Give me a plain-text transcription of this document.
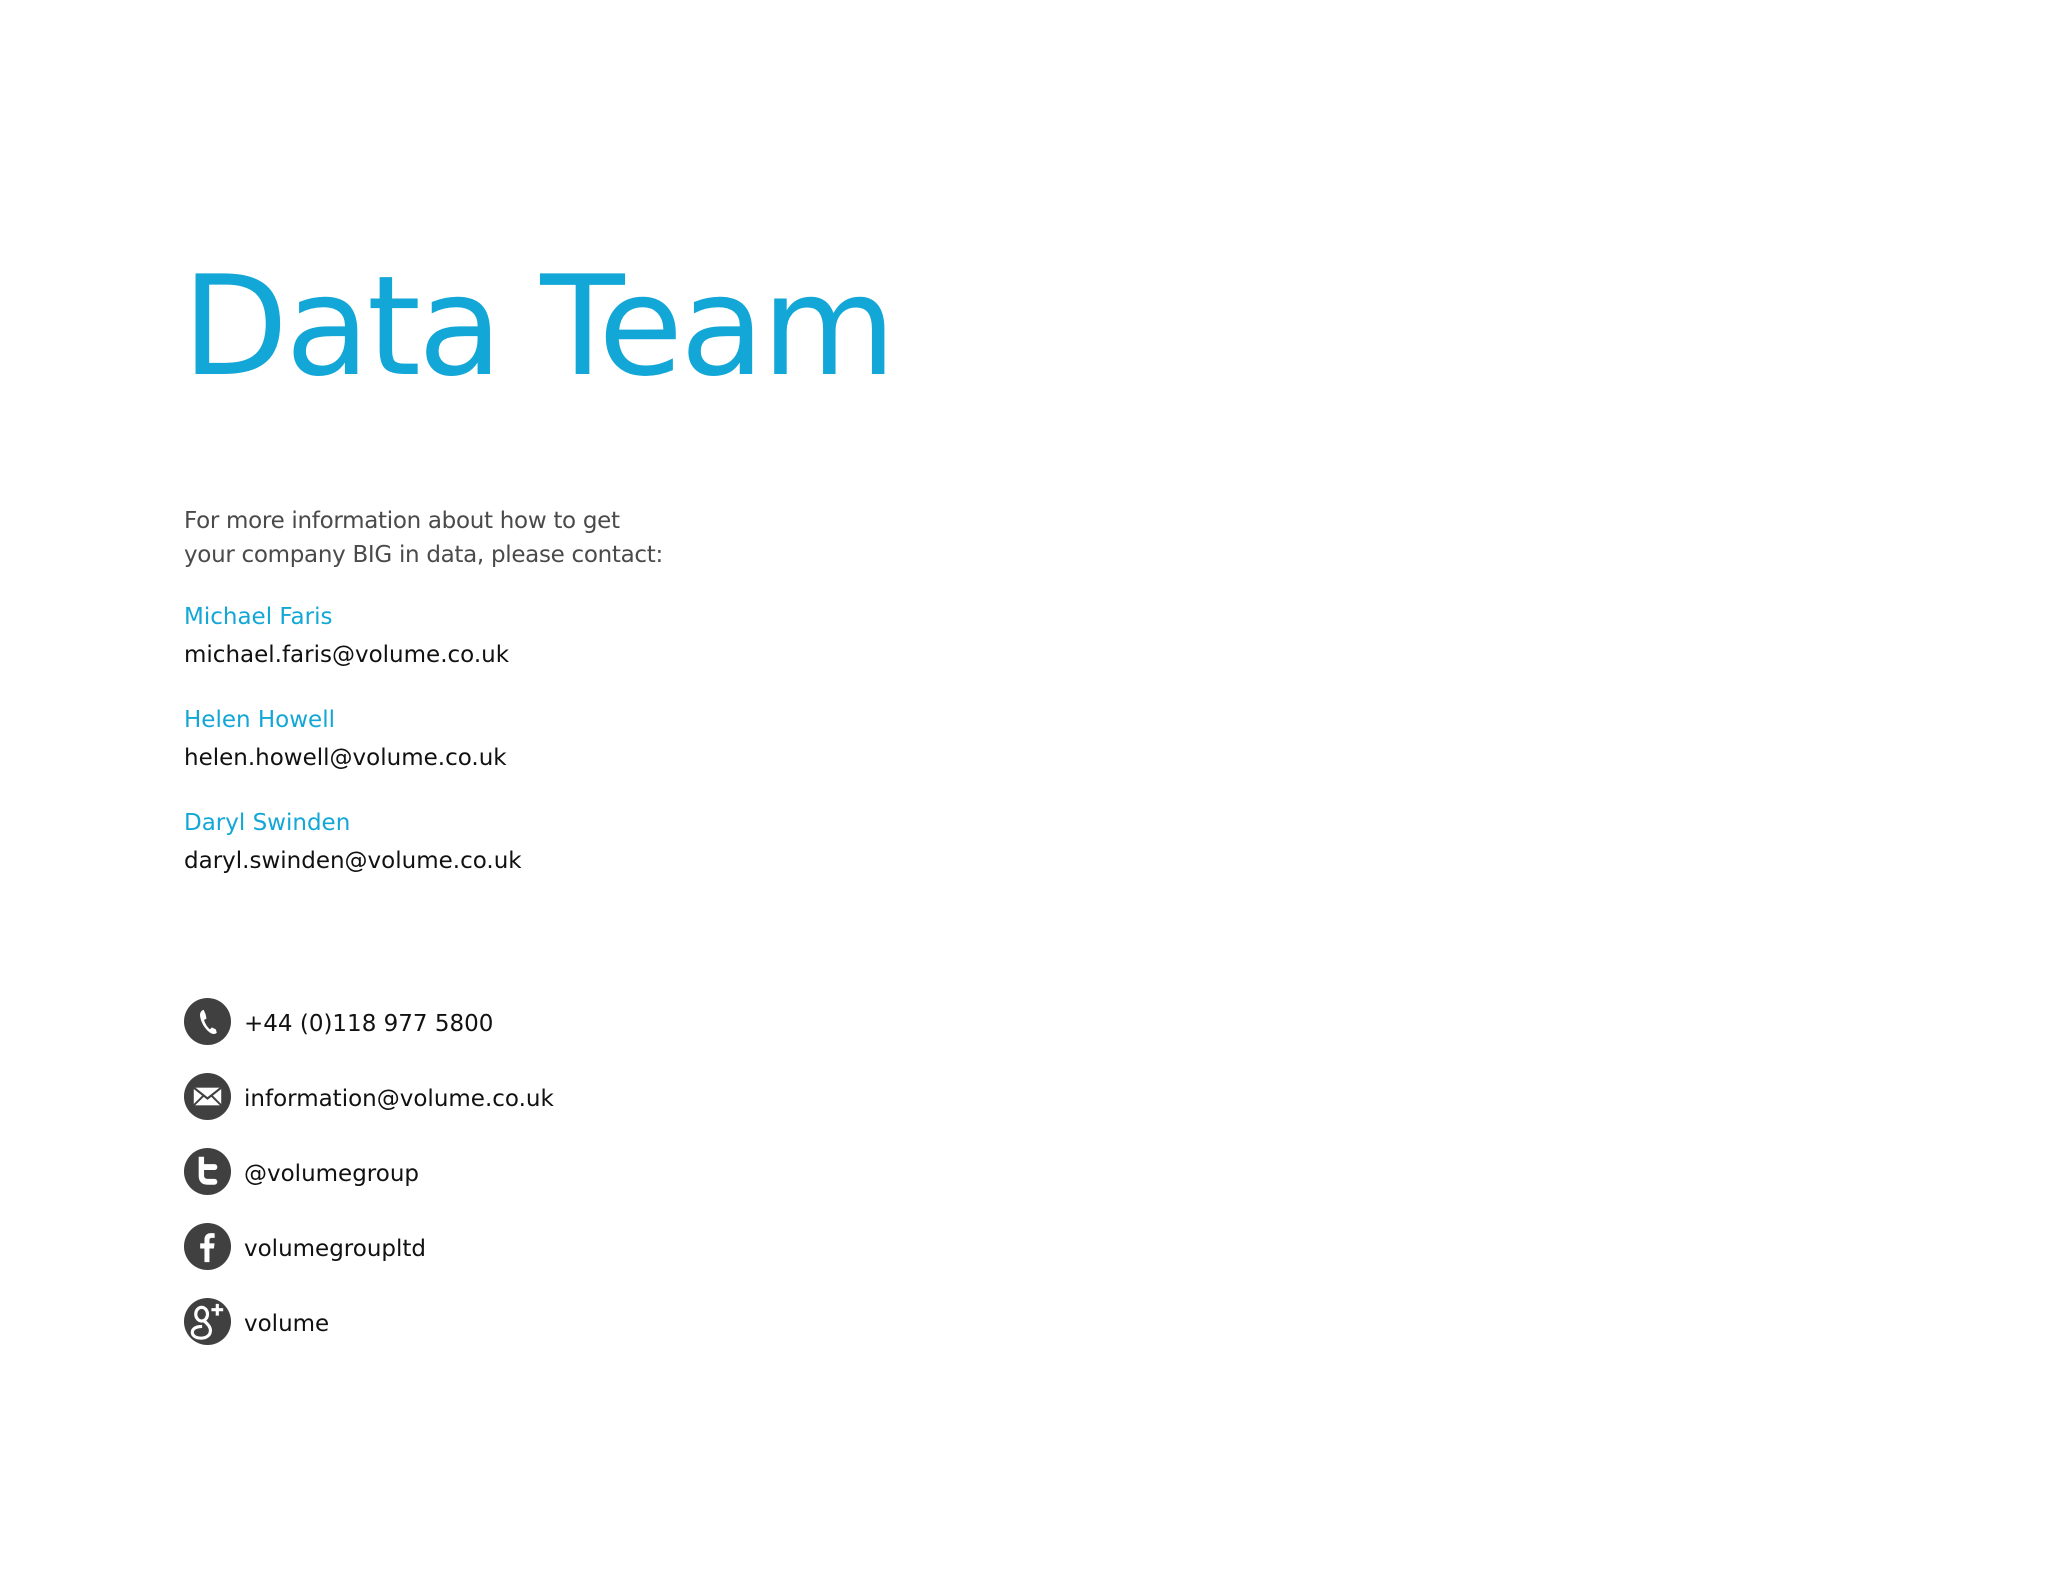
Data Team

For more information about how to get
your company BIG in data, please contact:

Michael Faris
michael.faris@volume.co.uk
Helen Howell
helen.howell@volume.co.uk
Daryl Swinden
daryl.swinden@volume.co.uk
+44 (0)118 977 5800
information@volume.co.uk
@volumegroup
volumegroupltd
volume
